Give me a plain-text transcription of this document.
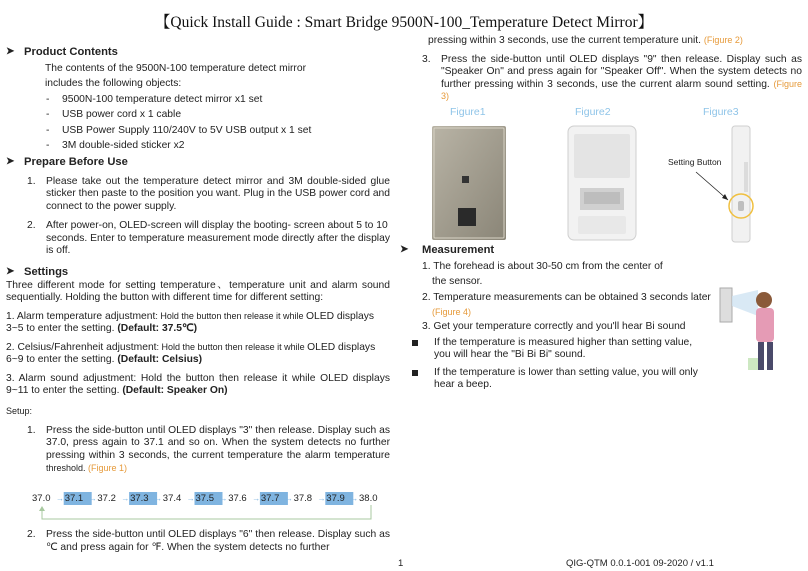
【Quick Install Guide : Smart Bridge 9500N-100_Temperature Detect Mirror】
➤ Product Contents

The contents of the 9500N-100 temperature detect mirror

includes the following objects:

- 9500N-100 temperature detect mirror x1 set
- USB power cord x 1 cable
- USB Power Supply 110/240V to 5V USB output x 1 set
- 3M double-sided sticker x2
➤ Prepare Before Use
1. Please take out the temperature detect mirror and 3M double-sided glue sticker then paste to the position you want. Plug in the USB power cord and connect to the power supply.
2. After power-on, OLED-screen will display the booting- screen about 5 to 10 seconds. Enter to temperature measurement mode directly after the display is off.
➤ Settings

Three different mode for setting temperature、temperature unit and alarm sound sequentially. Holding the button with different time for different setting:

1. Alarm temperature adjustment: Hold the button then release it while OLED displays 3~5 to enter the setting. (Default: 37.5℃)

2. Celsius/Fahrenheit adjustment: Hold the button then release it while OLED displays 6~9 to enter the setting. (Default: Celsius)

3. Alarm sound adjustment: Hold the button then release it while OLED displays 9~11 to enter the setting. (Default: Speaker On)

Setup:

1. Press the side-button until OLED displays "3" then release. Display such as 37.0, press again to 37.1 and so on. When the system detects no further pressing within 3 seconds, the current temperature the alarm temperature threshold. (Figure 1)
37.0 → 37.1 → 37.2 → 37.3 → 37.4 → 37.5 → 37.6 → 37.7 → 37.8 → 37.9 → 38.0
2. Press the side-button until OLED displays "6" then release. Display such as ℃ and press again for ℉. When the system detects no further

pressing within 3 seconds, use the current temperature unit. (Figure 2)

3. Press the side-button until OLED displays "9" then release. Display such as "Speaker On" and press again for "Speaker Off". When the system detects no further pressing within 3 seconds, use the current alarm sound setting. (Figure 3)
Figure1	Figure2	Figure3
Setting Button
➤ Measurement

1. The forehead is about 30-50 cm from the center of

the sensor.

2. Temperature measurements can be obtained 3 seconds later

(Figure 4)

3. Get your temperature correctly and you'll hear Bi sound

If the temperature is measured higher than setting value, you will hear the "Bi Bi Bi" sound.
If the temperature is lower than setting value, you will only hear a beep.
1	QIG-QTM 0.0.1-001 09-2020 / v1.1
